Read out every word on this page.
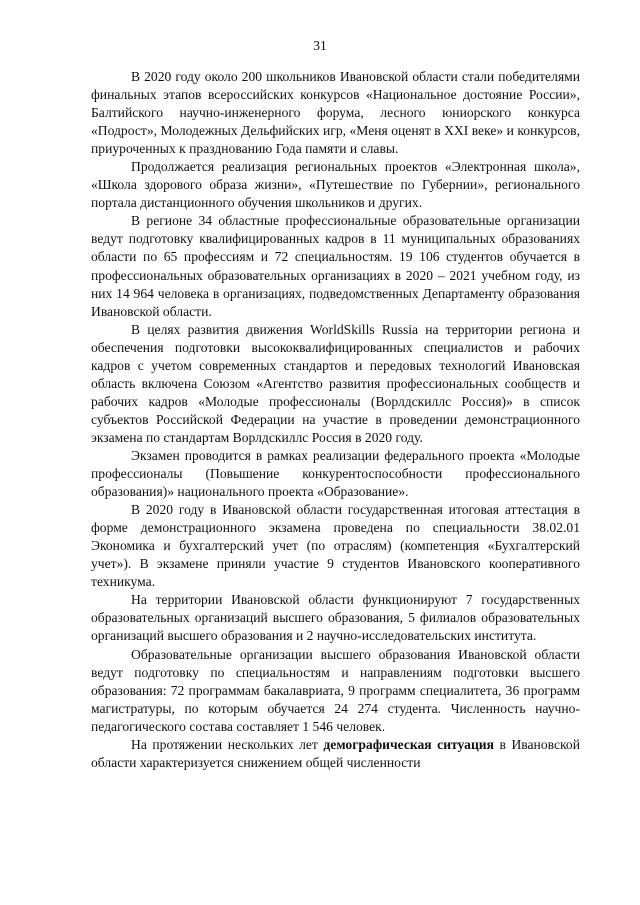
31

В 2020 году около 200 школьников Ивановской области стали победителями финальных этапов всероссийских конкурсов «Национальное достояние России», Балтийского научно-инженерного форума, лесного юниорского конкурса «Подрост», Молодежных Дельфийских игр, «Меня оценят в XXI веке» и конкурсов, приуроченных к празднованию Года памяти и славы.

Продолжается реализация региональных проектов «Электронная школа», «Школа здорового образа жизни», «Путешествие по Губернии», регионального портала дистанционного обучения школьников и других.

В регионе 34 областные профессиональные образовательные организации ведут подготовку квалифицированных кадров в 11 муниципальных образованиях области по 65 профессиям и 72 специальностям. 19 106 студентов обучается в профессиональных образовательных организациях в 2020 – 2021 учебном году, из них 14 964 человека в организациях, подведомственных Департаменту образования Ивановской области.

В целях развития движения WorldSkills Russia на территории региона и обеспечения подготовки высококвалифицированных специалистов и рабочих кадров с учетом современных стандартов и передовых технологий Ивановская область включена Союзом «Агентство развития профессиональных сообществ и рабочих кадров «Молодые профессионалы (Ворлдскиллс Россия)» в список субъектов Российской Федерации на участие в проведении демонстрационного экзамена по стандартам Ворлдскиллс Россия в 2020 году.

Экзамен проводится в рамках реализации федерального проекта «Молодые профессионалы (Повышение конкурентоспособности профессионального образования)» национального проекта «Образование».

В 2020 году в Ивановской области государственная итоговая аттестация в форме демонстрационного экзамена проведена по специальности 38.02.01 Экономика и бухгалтерский учет (по отраслям) (компетенция «Бухгалтерский учет»). В экзамене приняли участие 9 студентов Ивановского кооперативного техникума.

На территории Ивановской области функционируют 7 государственных образовательных организаций высшего образования, 5 филиалов образовательных организаций высшего образования и 2 научно-исследовательских института.

Образовательные организации высшего образования Ивановской области ведут подготовку по специальностям и направлениям подготовки высшего образования: 72 программам бакалавриата, 9 программ специалитета, 36 программ магистратуры, по которым обучается 24 274 студента. Численность научно-педагогического состава составляет 1 546 человек.

На протяжении нескольких лет демографическая ситуация в Ивановской области характеризуется снижением общей численности
